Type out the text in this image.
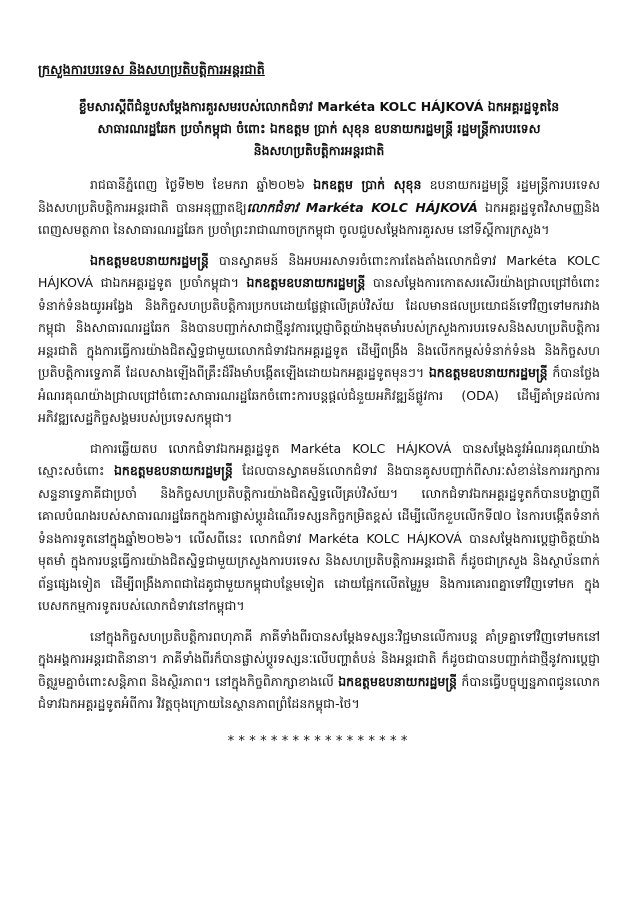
ក្រសួងការបរទេស និងសហប្រតិបត្តិការអន្តរជាតិ
ខ្លឹមសារស្តីពីជំនួបសម្តែងការគួរសមរបស់លោកជំទាវ Markéta KOLC HÁJKOVÁ ឯកអគ្គរដ្ឋទូតនៃ
សាធារណរដ្ឋឆែក ប្រចាំកម្ពុជា ចំពោះ ឯកឧត្តម ប្រាក់ សុខុន ឧបនាយករដ្ឋមន្ត្រី រដ្ឋមន្ត្រីការបរទេស
និងសហប្រតិបត្តិការអន្តរជាតិ

រាជធានីភ្នំពេញ ថ្ងៃទី២២ ខែមករា ឆ្នាំ២០២៦ ឯកឧត្តម ប្រាក់ សុខុន ឧបនាយករដ្ឋមន្ត្រី រដ្ឋមន្ត្រីការបរទេស និងសហប្រតិបត្តិការអន្តរជាតិ បានអនុញ្ញាតឱ្យលោកជំទាវ Markéta KOLC HÁJKOVÁ ឯកអគ្គរដ្ឋទូតវិសាមញ្ញនិងពេញសមត្ថភាព នៃសាធារណរដ្ឋឆែក ប្រចាំព្រះរាជាណាចក្រកម្ពុជា ចូលជួបសម្តែងការគួរសម នៅទីស្តីការក្រសួង។

ឯកឧត្តមឧបនាយករដ្ឋមន្ត្រី បានស្វាគមន៍ និងអបអរសាទរចំពោះការតែងតាំងលោកជំទាវ Markéta KOLC HÁJKOVÁ ជាឯកអគ្គរដ្ឋទូត ប្រចាំកម្ពុជា។ ឯកឧត្តមឧបនាយករដ្ឋមន្ត្រី បានសម្តែងការកោតសរសើរយ៉ាងជ្រាលជ្រៅចំពោះទំនាក់ទំនងយូរអង្វែង និងកិច្ចសហប្រតិបត្តិការប្រកបដោយផ្លែផ្កាលើគ្រប់វិស័យ ដែលមានផលប្រយោជន៍ទៅវិញទៅមករវាងកម្ពុជា និងសាធារណរដ្ឋឆែក និងបានបញ្ជាក់សាជាថ្មីនូវការប្តេជ្ញាចិត្តយ៉ាងមុតមាំរបស់ក្រសួងការបរទេសនិងសហប្រតិបត្តិការអន្តរជាតិ ក្នុងការធ្វើការយ៉ាងជិតស្និទ្ធជាមួយលោកជំទាវឯកអគ្គរដ្ឋទូត ដើម្បីពង្រឹង និងលើកកម្ពស់ទំនាក់ទំនង និងកិច្ចសហប្រតិបត្តិការទ្វេភាគី ដែលសាងឡើងពីគ្រឹះដ៏រឹងមាំបង្កើតឡើងដោយឯកអគ្គរដ្ឋទូតមុនៗ។ ឯកឧត្តមឧបនាយករដ្ឋមន្ត្រី ក៏បានថ្លែងអំណរគុណយ៉ាងជ្រាលជ្រៅចំពោះសាធារណរដ្ឋឆែកចំពោះការបន្តផ្តល់ជំនួយអភិវឌ្ឍន៍ផ្លូវការ (ODA) ដើម្បីគាំទ្រដល់ការអភិវឌ្ឍសេដ្ឋកិច្ចសង្គមរបស់ប្រទេសកម្ពុជា។

ជាការឆ្លើយតប លោកជំទាវឯកអគ្គរដ្ឋទូត Markéta KOLC HÁJKOVÁ បានសម្តែងនូវអំណរគុណយ៉ាងស្មោះសចំពោះ ឯកឧត្តមឧបនាយករដ្ឋមន្ត្រី ដែលបានស្វាគមន៍លោកជំទាវ និងបានគូសបញ្ជាក់ពីសារៈសំខាន់នៃការរក្សាការសន្ទនាទ្វេភាគីជាប្រចាំ និងកិច្ចសហប្រតិបត្តិការយ៉ាងជិតស្និទ្ធលើគ្រប់វិស័យ។ លោកជំទាវឯកអគ្គរដ្ឋទូតក៏បានបង្ហាញពីគោលបំណងរបស់សាធារណរដ្ឋឆែកក្នុងការផ្លាស់ប្តូរដំណើរទស្សនកិច្ចកម្រិតខ្ពស់ ដើម្បីលើកខួបលើកទី៧០ នៃការបង្កើតទំនាក់ទំនងការទូតនៅក្នុងឆ្នាំ២០២៦។ លើសពីនេះ លោកជំទាវ Markéta KOLC HÁJKOVÁ បានសម្តែងការប្តេជ្ញាចិត្តយ៉ាងមុតមាំ ក្នុងការបន្តធ្វើការយ៉ាងជិតស្និទ្ធជាមួយក្រសួងការបរទេស និងសហប្រតិបត្តិការអន្តរជាតិ ក៏ដូចជាក្រសួង និងស្ថាប័នពាក់ព័ន្ធផ្សេងទៀត ដើម្បីពង្រឹងភាពជាដៃគូជាមួយកម្ពុជាបន្ថែមទៀត ដោយផ្អែកលើតម្លៃរួម និងការគោរពគ្នាទៅវិញទៅមក ក្នុងបេសកកម្មការទូតរបស់លោកជំទាវនៅកម្ពុជា។

នៅក្នុងកិច្ចសហប្រតិបត្តិការពហុភាគី ភាគីទាំងពីរបានសម្តែងទស្សនៈវិជ្ជមានលើការបន្ត គាំទ្រគ្នាទៅវិញទៅមកនៅក្នុងអង្គការអន្តរជាតិនានា។ ភាគីទាំងពីរក៏បានផ្លាស់ប្តូរទស្សនៈលើបញ្ហាតំបន់ និងអន្តរជាតិ ក៏ដូចជាបានបញ្ជាក់ជាថ្មីនូវការប្តេជ្ញាចិត្តរួមគ្នាចំពោះសន្តិភាព និងស្ថិរភាព។ នៅក្នុងកិច្ចពិភាក្សាខាងលើ ឯកឧត្តមឧបនាយករដ្ឋមន្ត្រី ក៏បានធ្វើបច្ចុប្បន្នភាពជូនលោកជំទាវឯកអគ្គរដ្ឋទូតអំពីការ វិវត្តចុងក្រោយនៃស្ថានភាពព្រំដែនកម្ពុជា-ថៃ។

*****************
